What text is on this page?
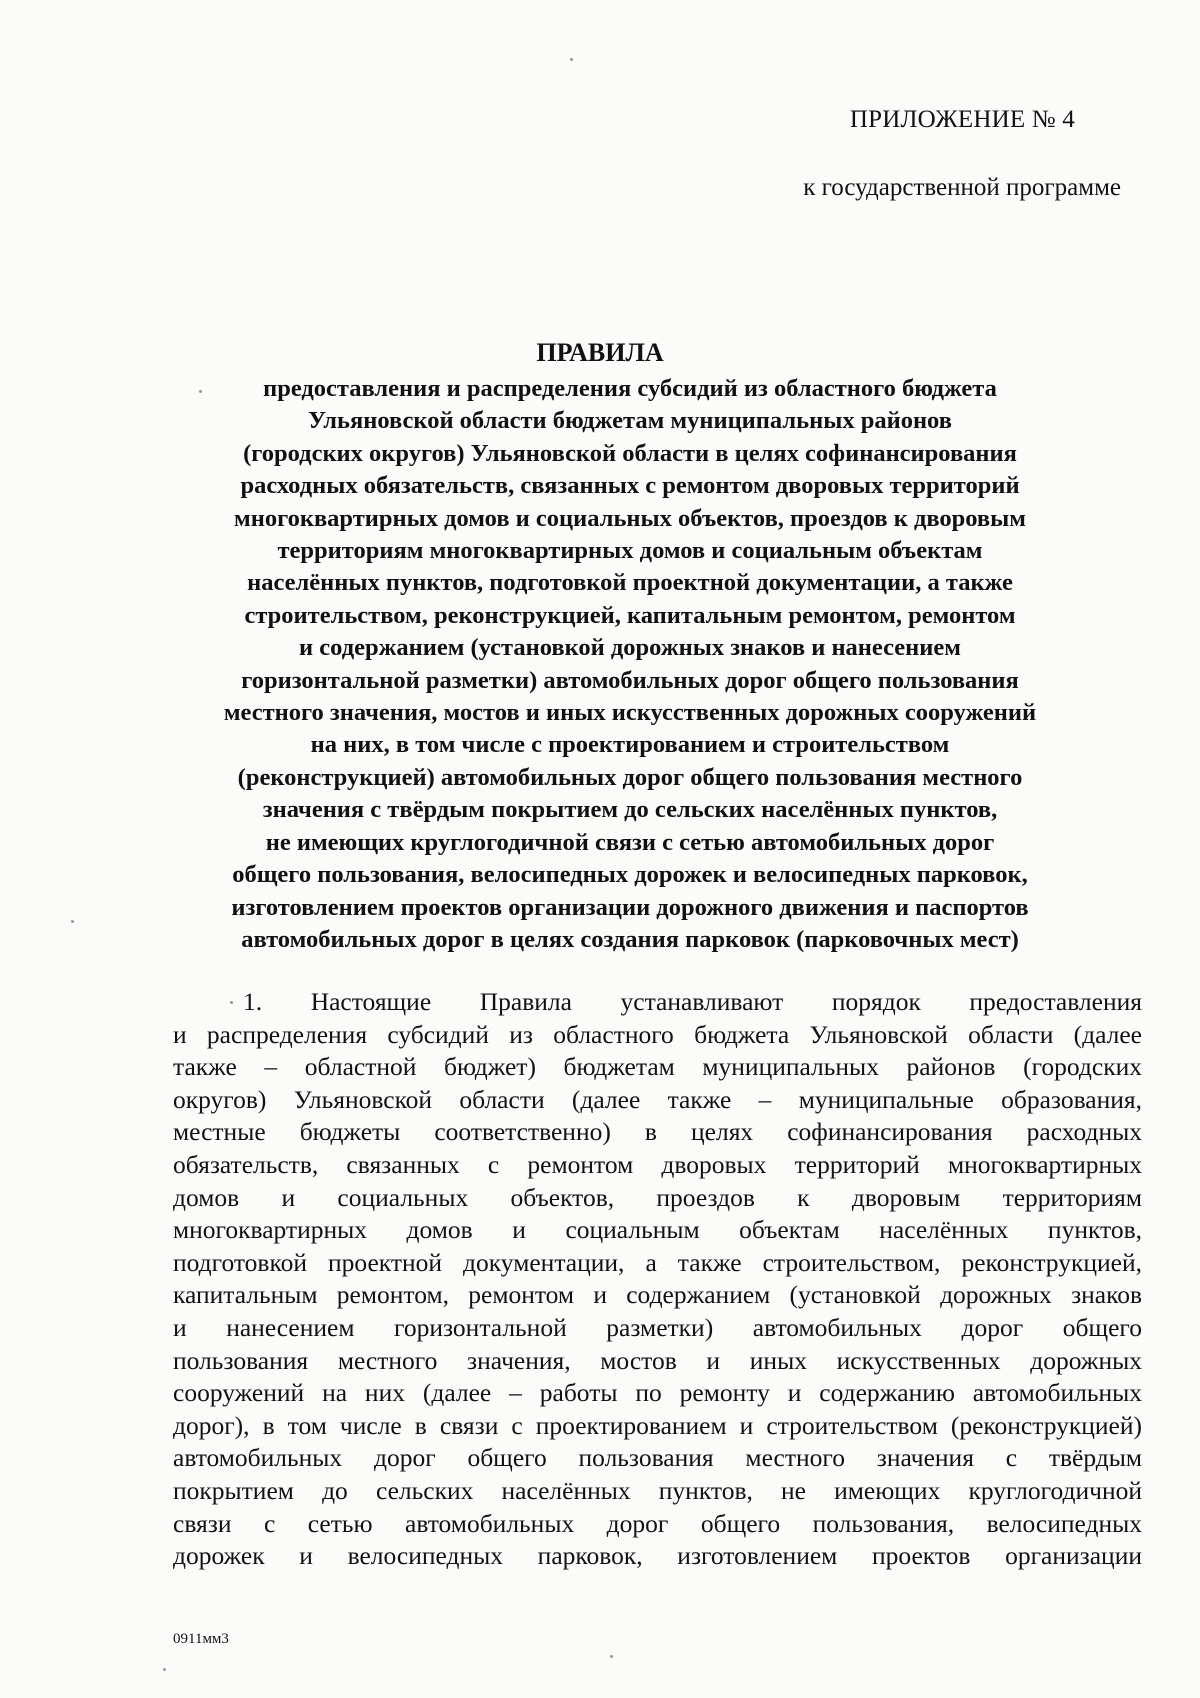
ПРИЛОЖЕНИЕ № 4

к государственной программе

ПРАВИЛА
предоставления и распределения субсидий из областного бюджета
Ульяновской области бюджетам муниципальных районов
(городских округов) Ульяновской области в целях софинансирования
расходных обязательств, связанных с ремонтом дворовых территорий
многоквартирных домов и социальных объектов, проездов к дворовым
территориям многоквартирных домов и социальным объектам
населённых пунктов, подготовкой проектной документации, а также
строительством, реконструкцией, капитальным ремонтом, ремонтом
и содержанием (установкой дорожных знаков и нанесением
горизонтальной разметки) автомобильных дорог общего пользования
местного значения, мостов и иных искусственных дорожных сооружений
на них, в том числе с проектированием и строительством
(реконструкцией) автомобильных дорог общего пользования местного
значения с твёрдым покрытием до сельских населённых пунктов,
не имеющих круглогодичной связи с сетью автомобильных дорог
общего пользования, велосипедных дорожек и велосипедных парковок,
изготовлением проектов организации дорожного движения и паспортов
автомобильных дорог в целях создания парковок (парковочных мест)
1. Настоящие Правила устанавливают порядок предоставления
и распределения субсидий из областного бюджета Ульяновской области (далее
также – областной бюджет) бюджетам муниципальных районов (городских
округов) Ульяновской области (далее также – муниципальные образования,
местные бюджеты соответственно) в целях софинансирования расходных
обязательств, связанных с ремонтом дворовых территорий многоквартирных
домов и социальных объектов, проездов к дворовым территориям
многоквартирных домов и социальным объектам населённых пунктов,
подготовкой проектной документации, а также строительством, реконструкцией,
капитальным ремонтом, ремонтом и содержанием (установкой дорожных знаков
и нанесением горизонтальной разметки) автомобильных дорог общего
пользования местного значения, мостов и иных искусственных дорожных
сооружений на них (далее – работы по ремонту и содержанию автомобильных
дорог), в том числе в связи с проектированием и строительством (реконструкцией)
автомобильных дорог общего пользования местного значения с твёрдым
покрытием до сельских населённых пунктов, не имеющих круглогодичной
связи с сетью автомобильных дорог общего пользования, велосипедных
дорожек и велосипедных парковок, изготовлением проектов организации

0911мм3
